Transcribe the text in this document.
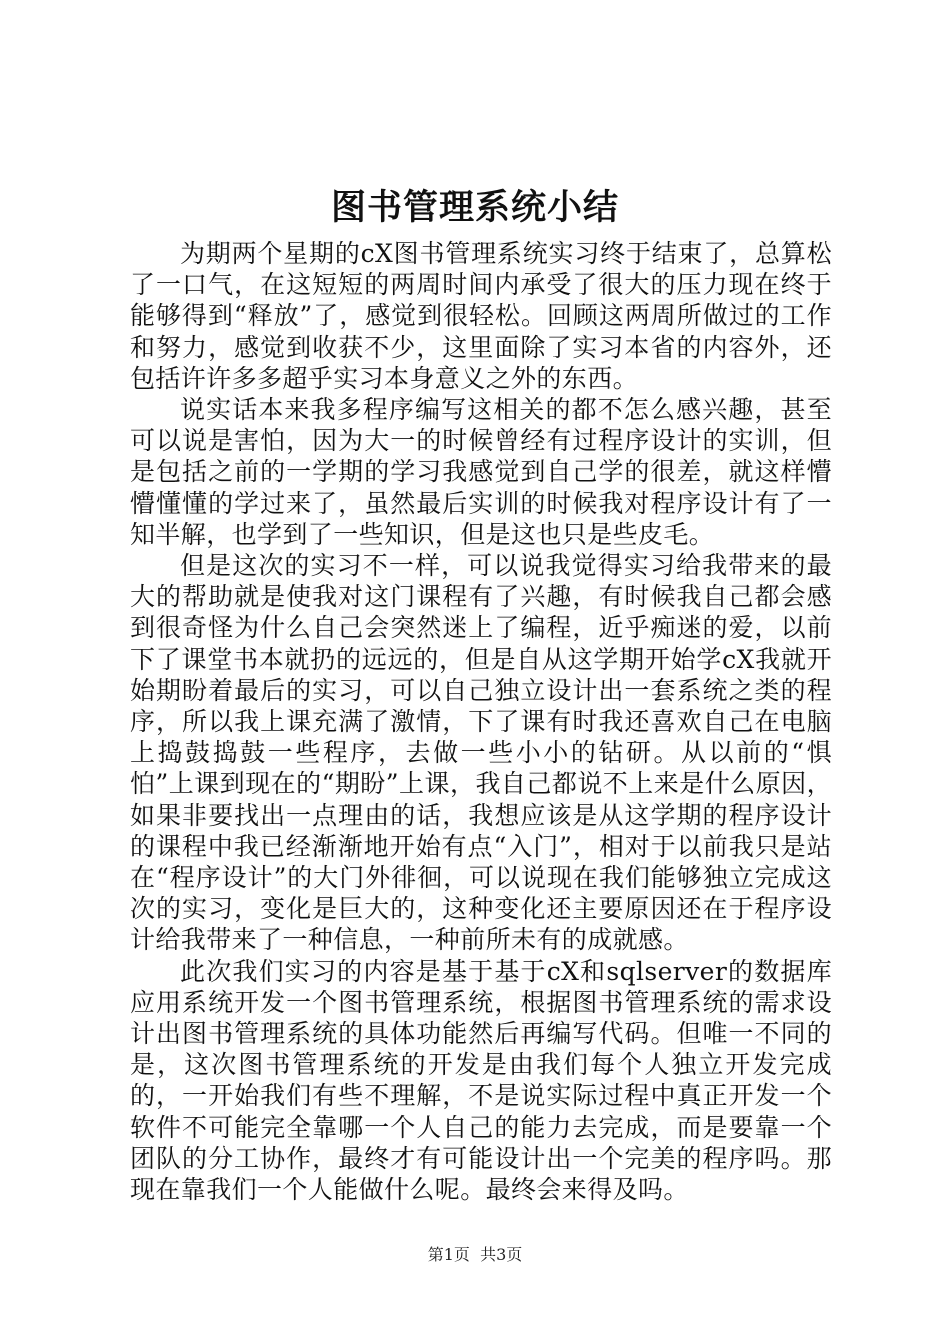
图书管理系统小结

为期两个星期的cX图书管理系统实习终于结束了，总算松了一口气，在这短短的两周时间内承受了很大的压力现在终于能够得到“释放”了，感觉到很轻松。回顾这两周所做过的工作和努力，感觉到收获不少，这里面除了实习本省的内容外，还包括许许多多超乎实习本身意义之外的东西。

说实话本来我多程序编写这相关的都不怎么感兴趣，甚至可以说是害怕，因为大一的时候曾经有过程序设计的实训，但是包括之前的一学期的学习我感觉到自己学的很差，就这样懵懵懂懂的学过来了，虽然最后实训的时候我对程序设计有了一知半解，也学到了一些知识，但是这也只是些皮毛。

但是这次的实习不一样，可以说我觉得实习给我带来的最大的帮助就是使我对这门课程有了兴趣，有时候我自己都会感到很奇怪为什么自己会突然迷上了编程，近乎痴迷的爱，以前下了课堂书本就扔的远远的，但是自从这学期开始学cX我就开始期盼着最后的实习，可以自己独立设计出一套系统之类的程序，所以我上课充满了激情，下了课有时我还喜欢自己在电脑上捣鼓捣鼓一些程序，去做一些小小的钻研。从以前的“惧怕”上课到现在的“期盼”上课，我自己都说不上来是什么原因，如果非要找出一点理由的话，我想应该是从这学期的程序设计的课程中我已经渐渐地开始有点“入门”，相对于以前我只是站在“程序设计”的大门外徘徊，可以说现在我们能够独立完成这次的实习，变化是巨大的，这种变化还主要原因还在于程序设计给我带来了一种信息，一种前所未有的成就感。

此次我们实习的内容是基于基于cX和sqlserver的数据库应用系统开发一个图书管理系统，根据图书管理系统的需求设计出图书管理系统的具体功能然后再编写代码。但唯一不同的是，这次图书管理系统的开发是由我们每个人独立开发完成的，一开始我们有些不理解，不是说实际过程中真正开发一个软件不可能完全靠哪一个人自己的能力去完成，而是要靠一个团队的分工协作，最终才有可能设计出一个完美的程序吗。那现在靠我们一个人能做什么呢。最终会来得及吗。

第1页 共3页
